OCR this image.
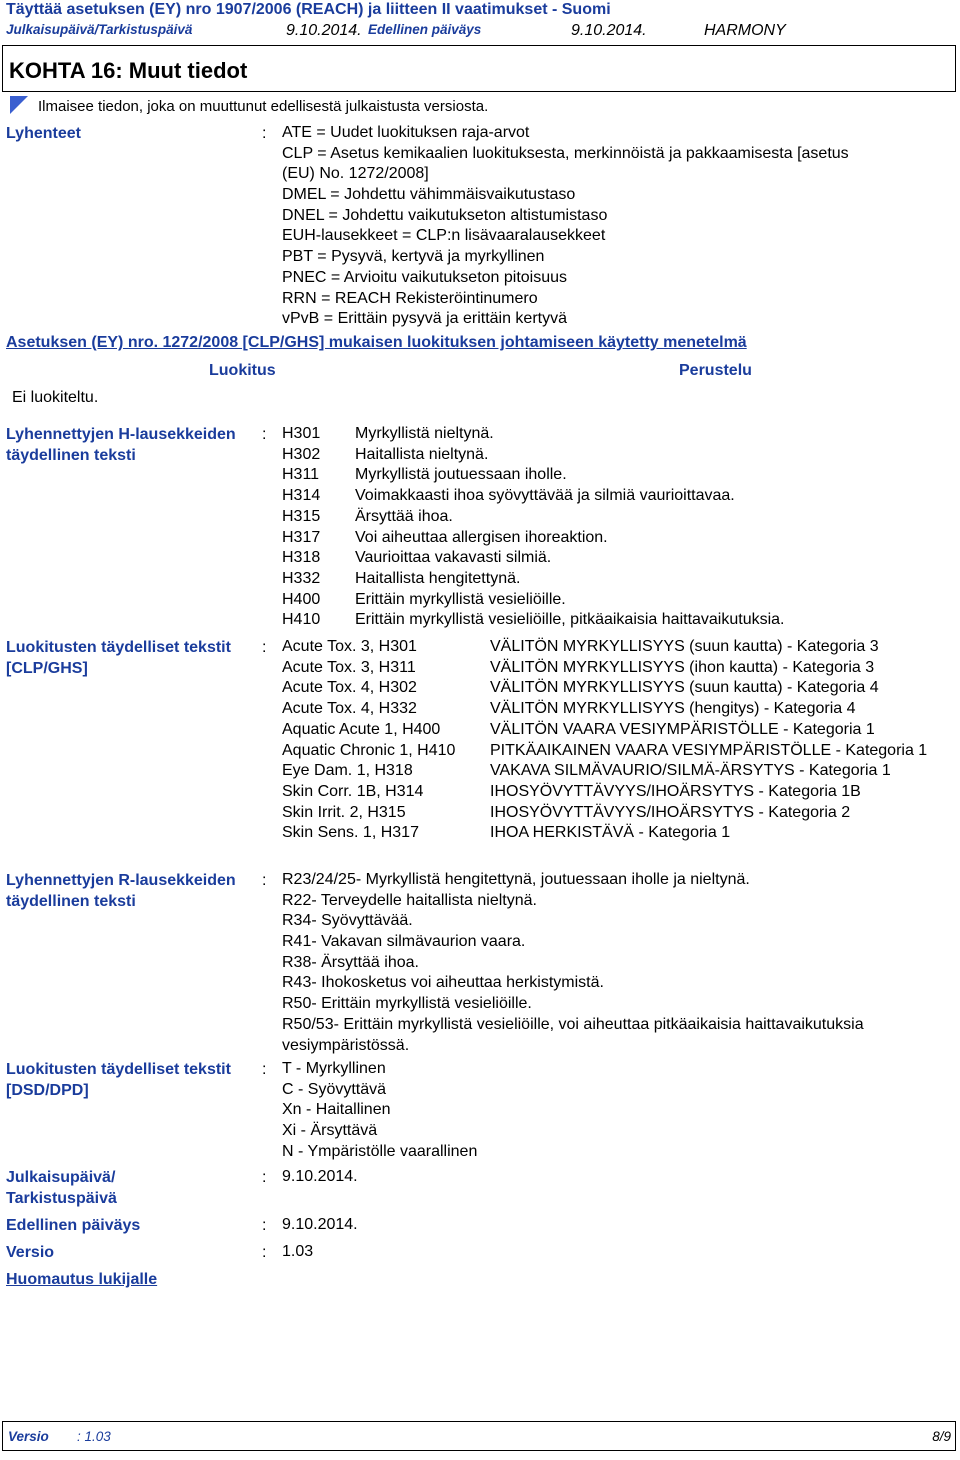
Täyttää asetuksen (EY) nro 1907/2006 (REACH) ja liitteen II vaatimukset - Suomi
Julkaisupäivä/Tarkistuspäivä	9.10.2014. Edellinen päiväys	9.10.2014.	HARMONY
KOHTA 16: Muut tiedot
Ilmaisee tiedon, joka on muuttunut edellisestä julkaistusta versiosta.
Lyhenteet	: ATE = Uudet luokituksen raja-arvot
CLP = Asetus kemikaalien luokituksesta, merkinnöistä ja pakkaamisesta [asetus
(EU) No. 1272/2008]
DMEL = Johdettu vähimmäisvaikutustaso
DNEL = Johdettu vaikutukseton altistumistaso
EUH-lausekkeet = CLP:n lisävaaralausekkeet
PBT = Pysyvä, kertyvä ja myrkyllinen
PNEC = Arvioitu vaikutukseton pitoisuus
RRN = REACH Rekisteröintinumero
vPvB = Erittäin pysyvä ja erittäin kertyvä
Asetuksen (EY) nro. 1272/2008 [CLP/GHS] mukaisen luokituksen johtamiseen käytetty menetelmä
Luokitus	Perustelu
Ei luokiteltu.
Lyhennettyjen H-lausekkeiden täydellinen teksti
: H301	Myrkyllistä nieltynä.
H302	Haitallista nieltynä.
H311	Myrkyllistä joutuessaan iholle.
H314	Voimakkaasti ihoa syövyttävää ja silmiä vaurioittavaa.
H315	Ärsyttää ihoa.
H317	Voi aiheuttaa allergisen ihoreaktion.
H318	Vaurioittaa vakavasti silmiä.
H332	Haitallista hengitettynä.
H400	Erittäin myrkyllistä vesieliöille.
H410	Erittäin myrkyllistä vesieliöille, pitkäaikaisia haittavaikutuksia.
Luokitusten täydelliset tekstit [CLP/GHS]
: Acute Tox. 3, H301	VÄLITÖN MYRKYLLISYYS (suun kautta) - Kategoria 3
Acute Tox. 3, H311	VÄLITÖN MYRKYLLISYYS (ihon kautta) - Kategoria 3
Acute Tox. 4, H302	VÄLITÖN MYRKYLLISYYS (suun kautta) - Kategoria 4
Acute Tox. 4, H332	VÄLITÖN MYRKYLLISYYS (hengitys) - Kategoria 4
Aquatic Acute 1, H400	VÄLITÖN VAARA VESIYMPÄRISTÖLLE - Kategoria 1
Aquatic Chronic 1, H410	PITKÄAIKAINEN VAARA VESIYMPÄRISTÖLLE - Kategoria 1
Eye Dam. 1, H318	VAKAVA SILMÄVAURIO/SILMÄ-ÄRSYTYS - Kategoria 1
Skin Corr. 1B, H314	IHOSYÖVYTTÄVYYS/IHOÄRSYTYS - Kategoria 1B
Skin Irrit. 2, H315	IHOSYÖVYTTÄVYYS/IHOÄRSYTYS - Kategoria 2
Skin Sens. 1, H317	IHOA HERKISTÄVÄ - Kategoria 1
Lyhennettyjen R-lausekkeiden täydellinen teksti
: R23/24/25- Myrkyllistä hengitettynä, joutuessaan iholle ja nieltynä.
R22- Terveydelle haitallista nieltynä.
R34- Syövyttävää.
R41- Vakavan silmävaurion vaara.
R38- Ärsyttää ihoa.
R43- Ihokosketus voi aiheuttaa herkistymistä.
R50- Erittäin myrkyllistä vesieliöille.
R50/53- Erittäin myrkyllistä vesieliöille, voi aiheuttaa pitkäaikaisia haittavaikutuksia
vesiympäristössä.
Luokitusten täydelliset tekstit [DSD/DPD]
: T - Myrkyllinen
C - Syövyttävä
Xn - Haitallinen
Xi - Ärsyttävä
N - Ympäristölle vaarallinen
Julkaisupäivä/ Tarkistuspäivä
: 9.10.2014.
Edellinen päiväys	: 9.10.2014.
Versio	: 1.03
Huomautus lukijalle
Versio : 1.03	8/9
